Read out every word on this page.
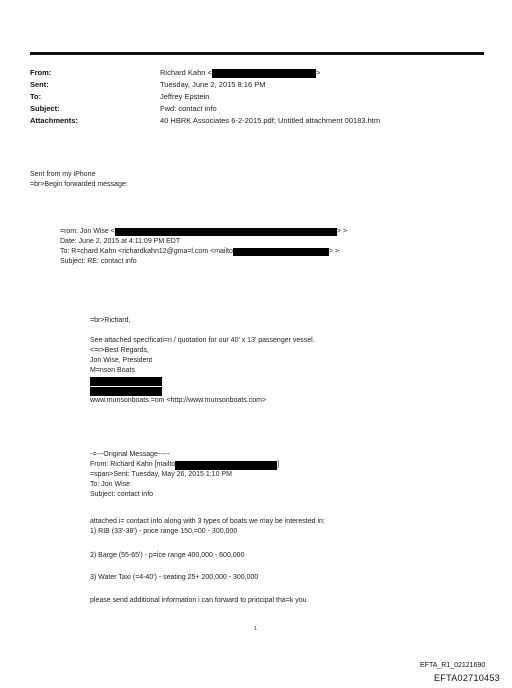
From:	Richard Kahn <	>
Sent:	Tuesday, June 2, 2015 8:16 PM
To:	Jeffrey Epstein
Subject:	Fwd: contact info
Attachments:	40 HBRK Associates 6-2-2015.pdf; Untitled attachment 00183.htm
Sent from my iPhone
=br>Begin forwarded message:
=rom: Jon Wise <	> >
Date: June 2, 2015 at 4:11:09 PM EDT
To: R=chard Kahn <richardkahn12@gma=l.com <mailto	> >
Subject: RE: contact info
=br>Richard,
See attached specificati=n / quotation for our 40' x 13' passenger vessel.
<=r>Best Regards,
Jon Wise, President
M=nson Boats
www.munsonboats.=om <http://www.munsonboats.com>
-=---Original Message-----
From: Richard Kahn [mailto	]
=span>Sent: Tuesday, May 26, 2015 1:10 PM
To: Jon Wise
Subject: contact info
attached i= contact info along with 3 types of boats we may be interested in:
1) RIB (33'-38') - price range 150,=00 - 300,000
2) Barge (55-65') - p=ice range 400,000 - 600,000
3) Water Taxi (=4-40') - seating 25+ 200,000 - 300,000
please send additional information i can forward to principal tha=k you
1
EFTA_R1_02121690
EFTA02710453
